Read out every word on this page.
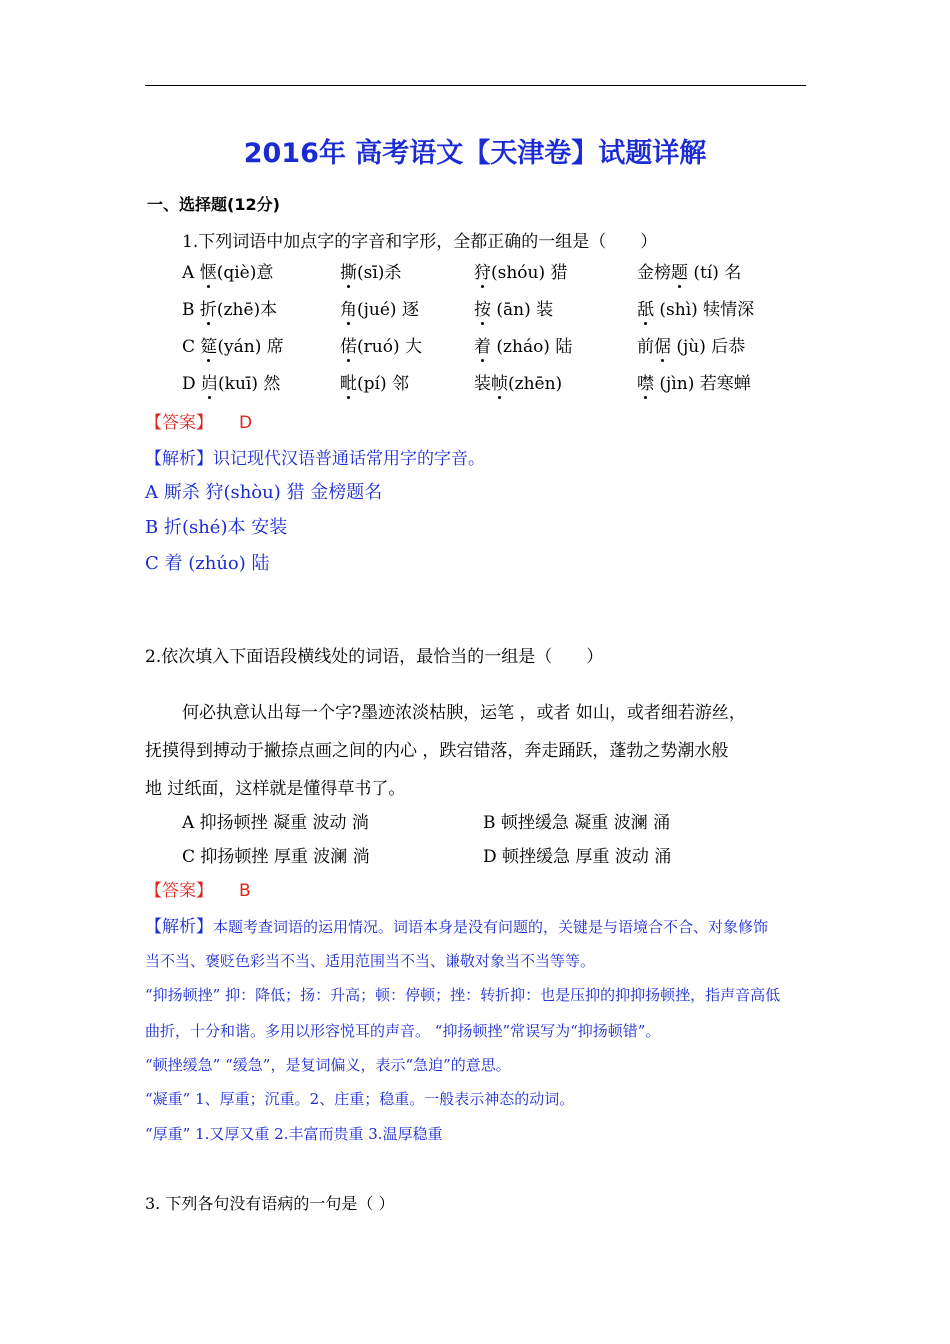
2016年 高考语文【天津卷】试题详解
一、选择题(12分)
1.下列词语中加点字的字音和字形，全都正确的一组是（　　）
A 惬(qiè)意	撕(sī)杀	狩(shóu) 猎	金榜题 (tí) 名
B 折(zhē)本	角(jué) 逐	按 (ān) 装	舐 (shì) 犊情深
C 筵(yán) 席	偌(ruó) 大	着 (zháo) 陆	前倨 (jù) 后恭
D 岿(kuī) 然	毗(pí) 邻	装帧(zhēn)	噤 (jìn) 若寒蝉
【答案】 D
【解析】识记现代汉语普通话常用字的字音。
A 厮杀 狩(shòu) 猎 金榜题名
B 折(shé)本 安装
C 着 (zhúo) 陆
2.依次填入下面语段横线处的词语，最恰当的一组是（　　）
何必执意认出每一个字?墨迹浓淡枯腴，运笔 ，或者 如山，或者细若游丝，
抚摸得到搏动于撇捺点画之间的内心 ，跌宕错落，奔走踊跃，蓬勃之势潮水般
地 过纸面，这样就是懂得草书了。
A 抑扬顿挫 凝重 波动 淌	B 顿挫缓急 凝重 波澜 涌
C 抑扬顿挫 厚重 波澜 淌	D 顿挫缓急 厚重 波动 涌
【答案】 B
【解析】本题考查词语的运用情况。词语本身是没有问题的，关键是与语境合不合、对象修饰
当不当、褒贬色彩当不当、适用范围当不当、谦敬对象当不当等等。
“抑扬顿挫” 抑：降低；扬：升高；顿：停顿；挫：转折抑：也是压抑的抑抑扬顿挫，指声音高低
曲折，十分和谐。多用以形容悦耳的声音。 “抑扬顿挫”常误写为“抑扬顿错”。
“顿挫缓急” “缓急”，是复词偏义，表示“急迫”的意思。
“凝重” 1、厚重；沉重。2、庄重；稳重。一般表示神态的动词。
“厚重” 1.又厚又重 2.丰富而贵重 3.温厚稳重
3. 下列各句没有语病的一句是（ ）
